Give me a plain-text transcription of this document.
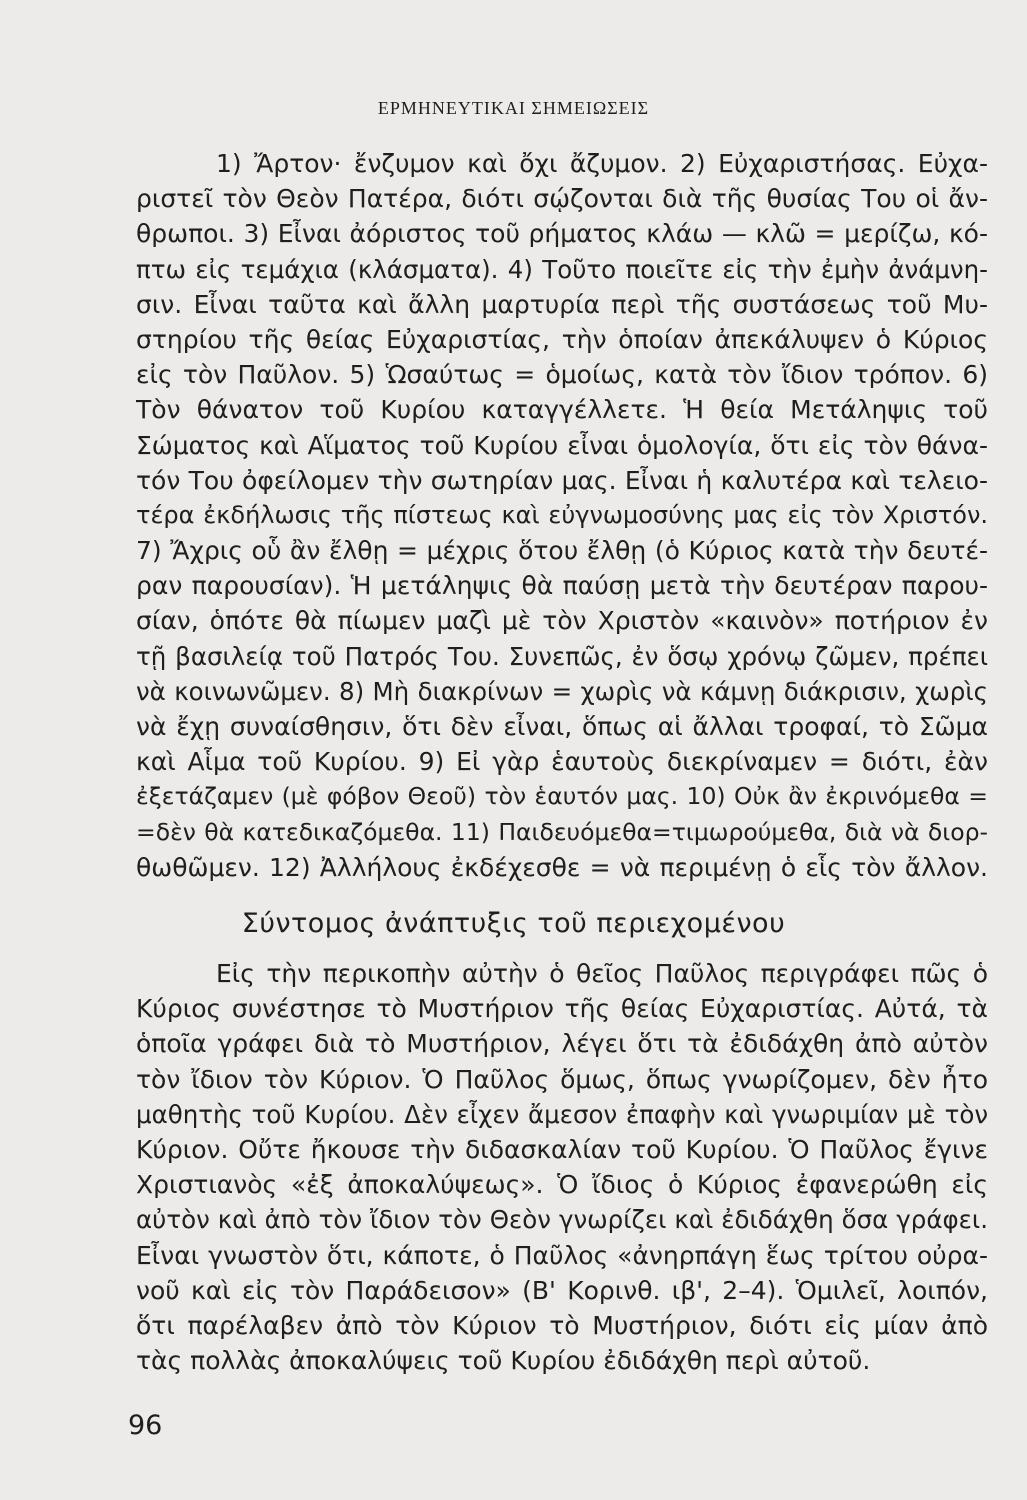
ΕΡΜΗΝΕΥΤΙΚΑΙ ΣΗΜΕΙΩΣΕΙΣ
1) Ἄρτον· ἔνζυμον καὶ ὄχι ἄζυμον. 2) Εὐχαριστήσας. Εὐχα-
ριστεῖ τὸν Θεὸν Πατέρα, διότι σῴζονται διὰ τῆς θυσίας Του οἱ ἄν-
θρωποι. 3) Εἶναι ἀόριστος τοῦ ρήματος κλάω — κλῶ = μερίζω, κό-
πτω εἰς τεμάχια (κλάσματα). 4) Τοῦτο ποιεῖτε εἰς τὴν ἐμὴν ἀνάμνη-
σιν. Εἶναι ταῦτα καὶ ἄλλη μαρτυρία περὶ τῆς συστάσεως τοῦ Μυ-
στηρίου τῆς θείας Εὐχαριστίας, τὴν ὁποίαν ἀπεκάλυψεν ὁ Κύριος
εἰς τὸν Παῦλον. 5) Ὡσαύτως = ὁμοίως, κατὰ τὸν ἴδιον τρόπον. 6)
Τὸν θάνατον τοῦ Κυρίου καταγγέλλετε. Ἡ θεία Μετάληψις τοῦ
Σώματος καὶ Αἵματος τοῦ Κυρίου εἶναι ὁμολογία, ὅτι εἰς τὸν θάνα-
τόν Του ὀφείλομεν τὴν σωτηρίαν μας. Εἶναι ἡ καλυτέρα καὶ τελειο-
τέρα ἐκδήλωσις τῆς πίστεως καὶ εὐγνωμοσύνης μας εἰς τὸν Χριστόν.
7) Ἄχρις οὗ ἂν ἔλθῃ = μέχρις ὅτου ἔλθῃ (ὁ Κύριος κατὰ τὴν δευτέ-
ραν παρουσίαν). Ἡ μετάληψις θὰ παύσῃ μετὰ τὴν δευτέραν παρου-
σίαν, ὁπότε θὰ πίωμεν μαζὶ μὲ τὸν Χριστὸν «καινὸν» ποτήριον ἐν
τῇ βασιλείᾳ τοῦ Πατρός Του. Συνεπῶς, ἐν ὅσῳ χρόνῳ ζῶμεν, πρέπει
νὰ κοινωνῶμεν. 8) Μὴ διακρίνων = χωρὶς νὰ κάμνῃ διάκρισιν, χωρὶς
νὰ ἔχῃ συναίσθησιν, ὅτι δὲν εἶναι, ὅπως αἱ ἄλλαι τροφαί, τὸ Σῶμα
καὶ Αἷμα τοῦ Κυρίου. 9) Εἰ γὰρ ἑαυτοὺς διεκρίναμεν = διότι, ἐὰν
ἐξετάζαμεν (μὲ φόβον Θεοῦ) τὸν ἑαυτόν μας. 10) Οὐκ ἂν ἐκρινόμεθα =
=δὲν θὰ κατεδικαζόμεθα. 11) Παιδευόμεθα=τιμωρούμεθα, διὰ νὰ διορ-
θωθῶμεν. 12) Ἀλλήλους ἐκδέχεσθε = νὰ περιμένῃ ὁ εἷς τὸν ἄλλον.
Σύντομος ἀνάπτυξις τοῦ περιεχομένου
Εἰς τὴν περικοπὴν αὐτὴν ὁ θεῖος Παῦλος περιγράφει πῶς ὁ
Κύριος συνέστησε τὸ Μυστήριον τῆς θείας Εὐχαριστίας. Αὐτά, τὰ
ὁποῖα γράφει διὰ τὸ Μυστήριον, λέγει ὅτι τὰ ἐδιδάχθη ἀπὸ αὐτὸν
τὸν ἴδιον τὸν Κύριον. Ὁ Παῦλος ὅμως, ὅπως γνωρίζομεν, δὲν ἦτο
μαθητὴς τοῦ Κυρίου. Δὲν εἶχεν ἄμεσον ἐπαφὴν καὶ γνωριμίαν μὲ τὸν
Κύριον. Οὔτε ἤκουσε τὴν διδασκαλίαν τοῦ Κυρίου. Ὁ Παῦλος ἔγινε
Χριστιανὸς «ἐξ ἀποκαλύψεως». Ὁ ἴδιος ὁ Κύριος ἐφανερώθη εἰς
αὐτὸν καὶ ἀπὸ τὸν ἴδιον τὸν Θεὸν γνωρίζει καὶ ἐδιδάχθη ὅσα γράφει.
Εἶναι γνωστὸν ὅτι, κάποτε, ὁ Παῦλος «ἀνηρπάγη ἕως τρίτου οὐρα-
νοῦ καὶ εἰς τὸν Παράδεισον» (Β' Κορινθ. ιβ', 2–4). Ὁμιλεῖ, λοιπόν,
ὅτι παρέλαβεν ἀπὸ τὸν Κύριον τὸ Μυστήριον, διότι εἰς μίαν ἀπὸ
τὰς πολλὰς ἀποκαλύψεις τοῦ Κυρίου ἐδιδάχθη περὶ αὐτοῦ.
96
